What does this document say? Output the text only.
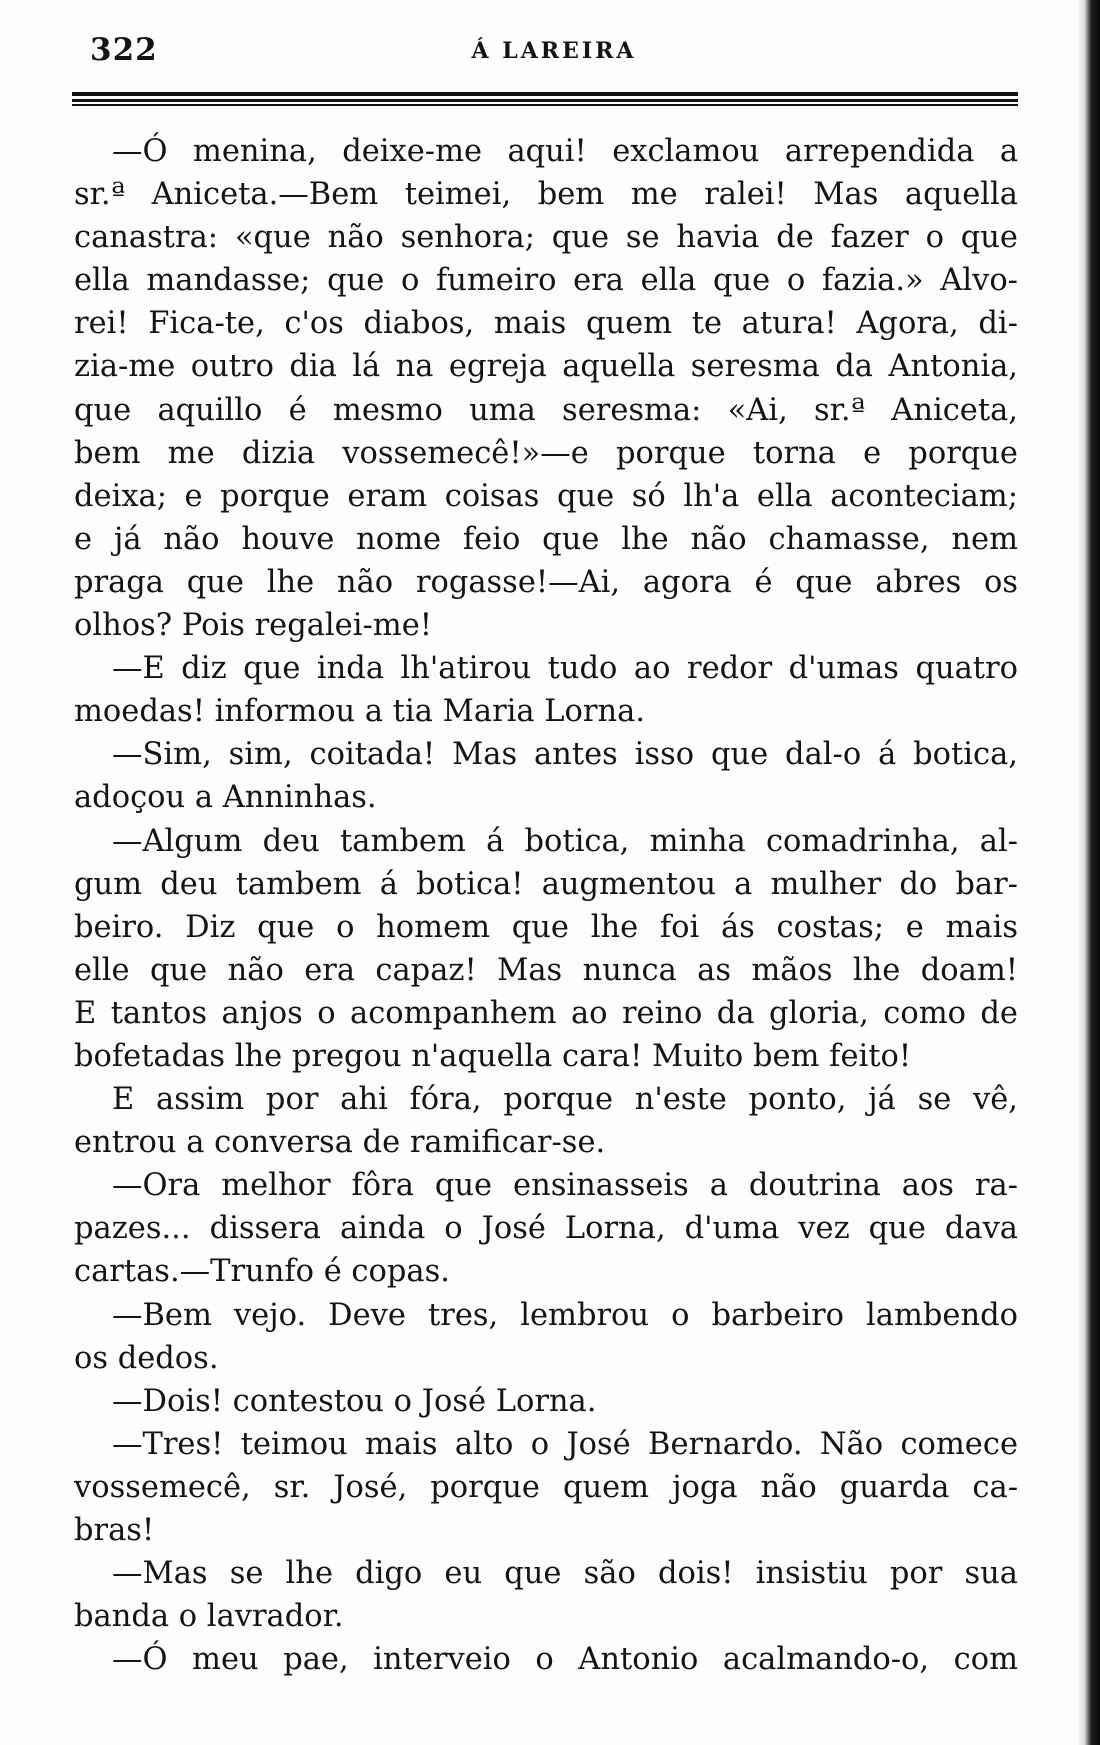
322	Á LAREIRA

—Ó menina, deixe-me aqui! exclamou arrependida a

sr.ª Aniceta.—Bem teimei, bem me ralei! Mas aquella

canastra: «que não senhora; que se havia de fazer o que

ella mandasse; que o fumeiro era ella que o fazia.» Alvo-

rei! Fica-te, c'os diabos, mais quem te atura! Agora, di-

zia-me outro dia lá na egreja aquella seresma da Antonia,

que aquillo é mesmo uma seresma: «Ai, sr.ª Aniceta,

bem me dizia vossemecê!»—e porque torna e porque

deixa; e porque eram coisas que só lh'a ella aconteciam;

e já não houve nome feio que lhe não chamasse, nem

praga que lhe não rogasse!—Ai, agora é que abres os

olhos? Pois regalei-me!

—E diz que inda lh'atirou tudo ao redor d'umas quatro

moedas! informou a tia Maria Lorna.

—Sim, sim, coitada! Mas antes isso que dal-o á botica,

adoçou a Anninhas.

—Algum deu tambem á botica, minha comadrinha, al-

gum deu tambem á botica! augmentou a mulher do bar-

beiro. Diz que o homem que lhe foi ás costas; e mais

elle que não era capaz! Mas nunca as mãos lhe doam!

E tantos anjos o acompanhem ao reino da gloria, como de

bofetadas lhe pregou n'aquella cara! Muito bem feito!

E assim por ahi fóra, porque n'este ponto, já se vê,

entrou a conversa de ramificar-se.

—Ora melhor fôra que ensinasseis a doutrina aos ra-

pazes... dissera ainda o José Lorna, d'uma vez que dava

cartas.—Trunfo é copas.

—Bem vejo. Deve tres, lembrou o barbeiro lambendo

os dedos.

—Dois! contestou o José Lorna.

—Tres! teimou mais alto o José Bernardo. Não comece

vossemecê, sr. José, porque quem joga não guarda ca-

bras!

—Mas se lhe digo eu que são dois! insistiu por sua

banda o lavrador.

—Ó meu pae, interveio o Antonio acalmando-o, com
